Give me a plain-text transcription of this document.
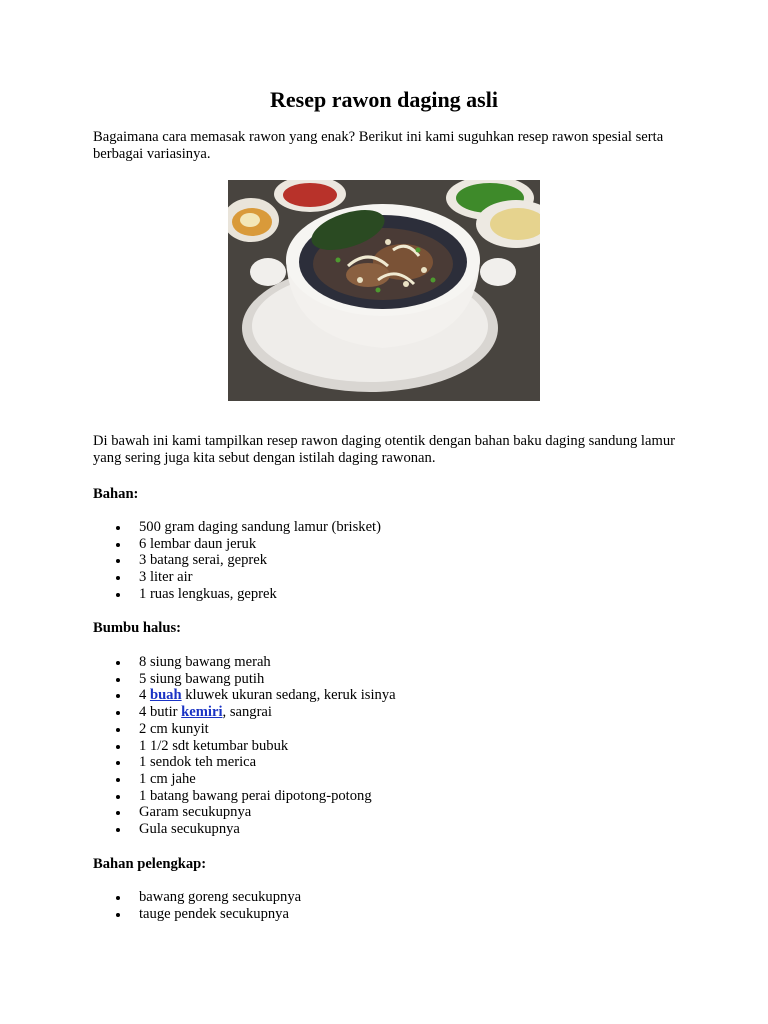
Resep rawon daging asli

Bagaimana cara memasak rawon yang enak? Berikut ini kami suguhkan resep rawon spesial serta berbagai variasinya.

Di bawah ini kami tampilkan resep rawon daging otentik dengan bahan baku daging sandung lamur yang sering juga kita sebut dengan istilah daging rawonan.

Bahan:

500 gram daging sandung lamur (brisket)
6 lembar daun jeruk
3 batang serai, geprek
3 liter air
1 ruas lengkuas, geprek

Bumbu halus:

8 siung bawang merah
5 siung bawang putih
4 buah kluwek ukuran sedang, keruk isinya
4 butir kemiri, sangrai
2 cm kunyit
1 1/2 sdt ketumbar bubuk
1 sendok teh merica
1 cm jahe
1 batang bawang perai dipotong-potong
Garam secukupnya
Gula secukupnya

Bahan pelengkap:

bawang goreng secukupnya
tauge pendek secukupnya
